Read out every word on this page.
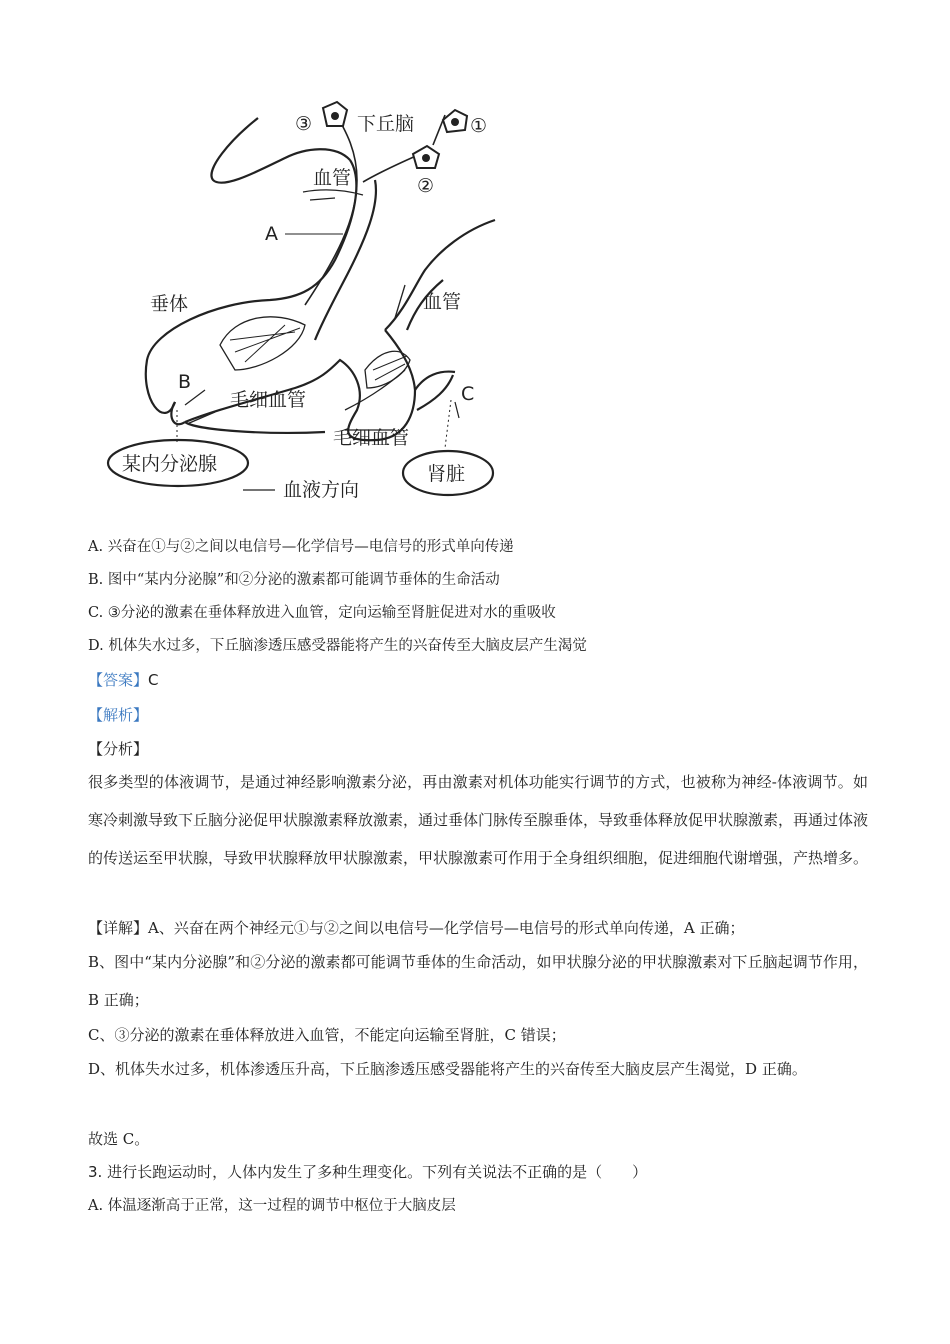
③ 下丘脑	①
②
血管
A
垂体	血管
B
毛细血管	C
毛细血管
某内分泌腺	肾脏
血液方向
A. 兴奋在①与②之间以电信号—化学信号—电信号的形式单向传递
B. 图中“某内分泌腺”和②分泌的激素都可能调节垂体的生命活动
C. ③分泌的激素在垂体释放进入血管，定向运输至肾脏促进对水的重吸收
D. 机体失水过多，下丘脑渗透压感受器能将产生的兴奋传至大脑皮层产生渴觉
【答案】C
【解析】
【分析】
很多类型的体液调节，是通过神经影响激素分泌，再由激素对机体功能实行调节的方式，也被称为神经-体液调节。如寒冷刺激导致下丘脑分泌促甲状腺激素释放激素，通过垂体门脉传至腺垂体，导致垂体释放促甲状腺激素，再通过体液的传送运至甲状腺，导致甲状腺释放甲状腺激素，甲状腺激素可作用于全身组织细胞，促进细胞代谢增强，产热增多。
【详解】A、兴奋在两个神经元①与②之间以电信号—化学信号—电信号的形式单向传递，A 正确；
B、图中“某内分泌腺”和②分泌的激素都可能调节垂体的生命活动，如甲状腺分泌的甲状腺激素对下丘脑起调节作用，B 正确；
C、③分泌的激素在垂体释放进入血管，不能定向运输至肾脏，C 错误；
D、机体失水过多，机体渗透压升高，下丘脑渗透压感受器能将产生的兴奋传至大脑皮层产生渴觉，D 正确。
故选 C。
3. 进行长跑运动时，人体内发生了多种生理变化。下列有关说法不正确的是（　　）
A. 体温逐渐高于正常，这一过程的调节中枢位于大脑皮层
